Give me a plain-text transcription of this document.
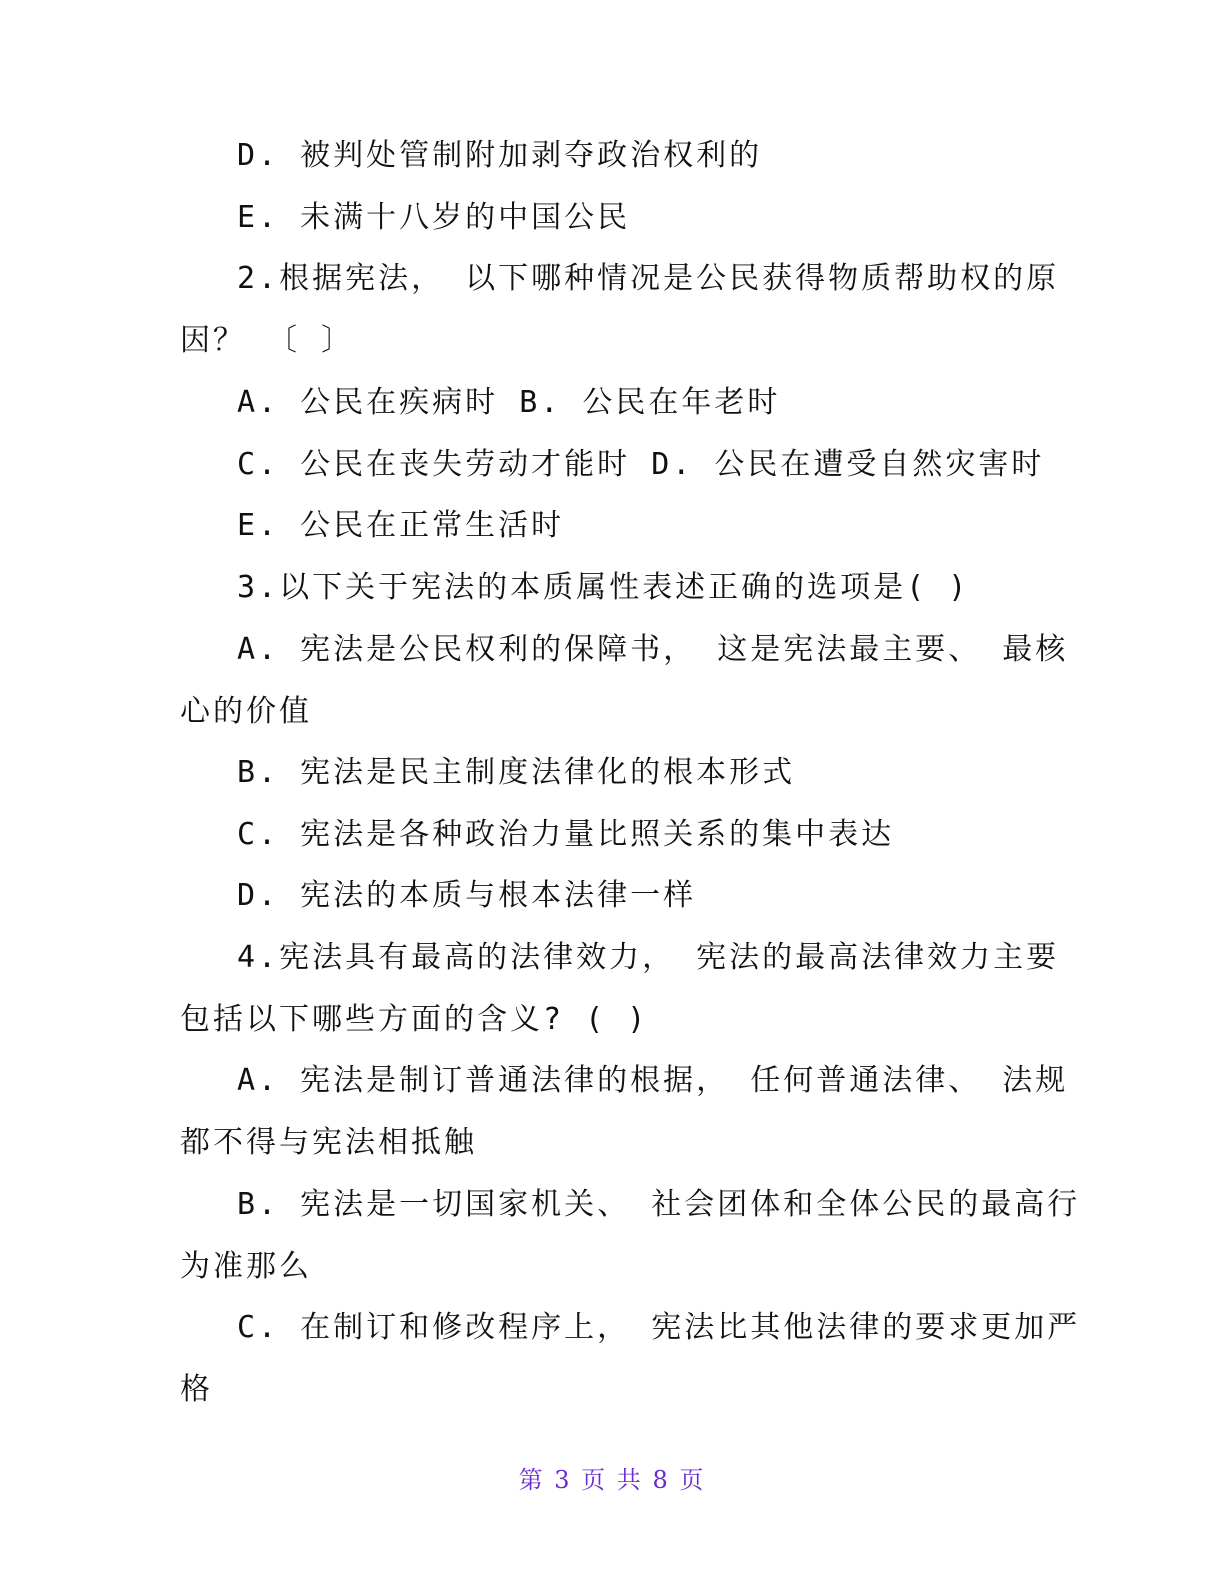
D. 被判处管制附加剥夺政治权利的
E. 未满十八岁的中国公民
2.根据宪法， 以下哪种情况是公民获得物质帮助权的原
因？ 〔 〕
A. 公民在疾病时 B. 公民在年老时
C. 公民在丧失劳动才能时 D. 公民在遭受自然灾害时
E. 公民在正常生活时
3.以下关于宪法的本质属性表述正确的选项是( )
A. 宪法是公民权利的保障书， 这是宪法最主要、 最核
心的价值
B. 宪法是民主制度法律化的根本形式
C. 宪法是各种政治力量比照关系的集中表达
D. 宪法的本质与根本法律一样
4.宪法具有最高的法律效力， 宪法的最高法律效力主要
包括以下哪些方面的含义? ( )
A. 宪法是制订普通法律的根据， 任何普通法律、 法规
都不得与宪法相抵触
B. 宪法是一切国家机关、 社会团体和全体公民的最高行
为准那么
C. 在制订和修改程序上， 宪法比其他法律的要求更加严
格
第 3 页 共 8 页
